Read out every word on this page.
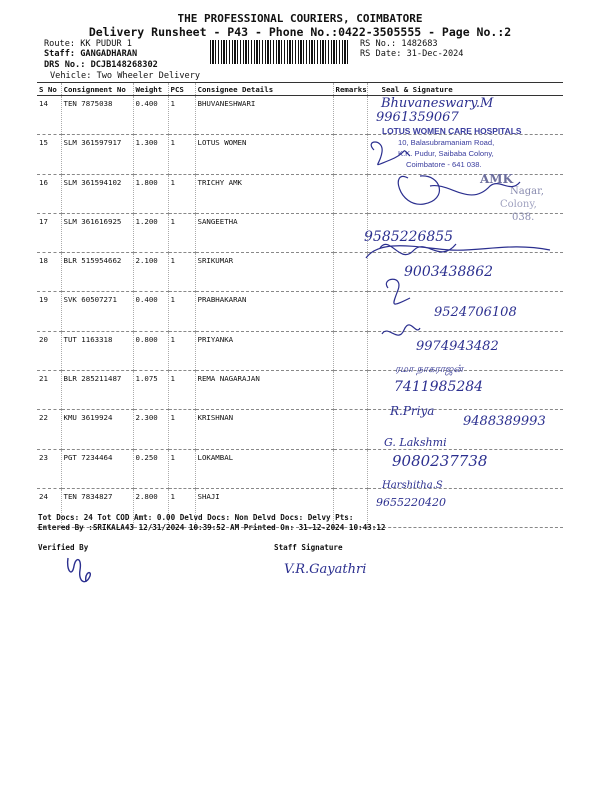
THE PROFESSIONAL COURIERS, COIMBATORE
Delivery Runsheet - P43 - Phone No.:0422-3505555 - Page No.:2
Route: KK PUDUR 1
Staff: GANGADHARAN
DRS No.: DCJB148268302
Vehicle: Two Wheeler Delivery
RS No.: 1482683
RS Date: 31-Dec-2024
S No	Consignment No	Weight	PCS	Consignee Details	Remarks	Seal & Signature
14	TEN 7875038	0.400	1	BHUVANESHWARI		
15	SLM 361597917	1.300	1	LOTUS WOMEN		
16	SLM 361594102	1.800	1	TRICHY AMK		
17	SLM 361616925	1.200	1	SANGEETHA		
18	BLR 515954662	2.100	1	SRIKUMAR		
19	SVK 60507271	0.400	1	PRABHAKARAN		
20	TUT 1163318	0.800	1	PRIYANKA		
21	BLR 285211487	1.075	1	REMA NAGARAJAN		
22	KMU 3619924	2.300	1	KRISHNAN		
23	PGT 7234464	0.250	1	LOKAMBAL		
24	TEN 7834827	2.800	1	SHAJI		
LOTUS WOMEN CARE HOSPITALS
10, Balasubramaniam Road,
K.K. Pudur, Saibaba Colony,
Coimbatore - 641 038.
AMK
Nagar,
Colony,
038.
Bhuvaneswary.M
9961359067
9585226855
9003438862
9524706108
9974943482
ரமா நாகராஜன்
7411985284
R.Priya
9488389993
G. Lakshmi
9080237738
Harshitha.S
9655220420
Tot Docs: 24 Tot COD Amt: 0.00 Delvd Docs: Non Delvd Docs: Delvy Pts:
Entered By :SRIKALA43 12/31/2024 10:39:52 AM Printed On: 31-12-2024 10:43:12
Verified By	Staff Signature
V.R.Gayathri
